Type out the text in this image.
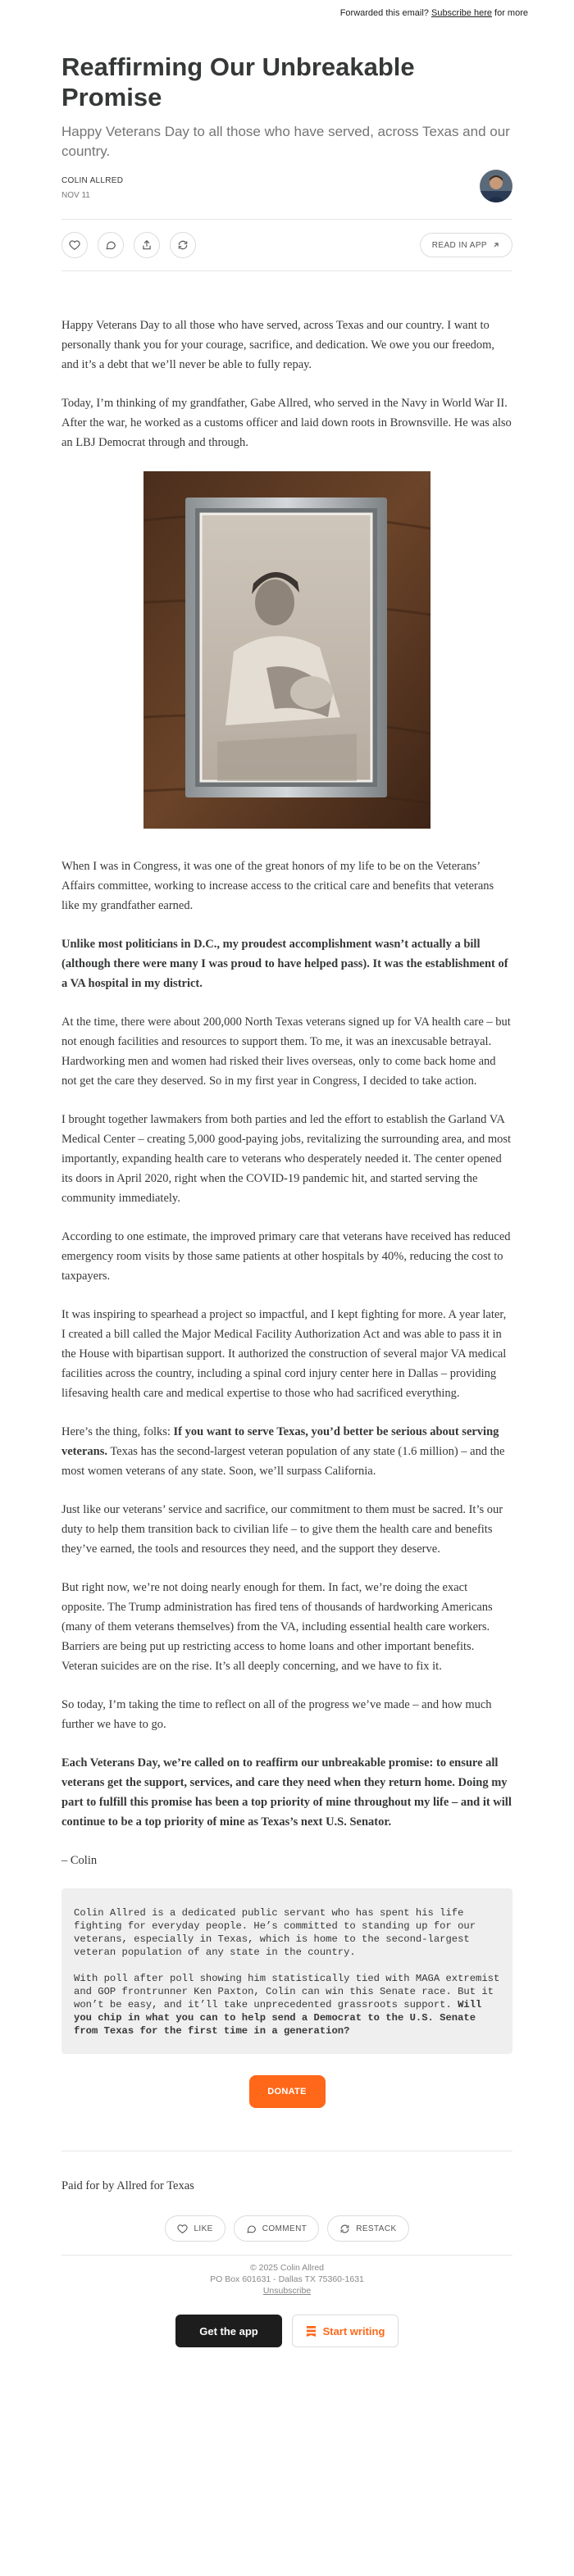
Forwarded this email? Subscribe here for more
Reaffirming Our Unbreakable Promise
Happy Veterans Day to all those who have served, across Texas and our country.
COLIN ALLRED
NOV 11
READ IN APP

Happy Veterans Day to all those who have served, across Texas and our country. I want to personally thank you for your courage, sacrifice, and dedication. We owe you our freedom, and it’s a debt that we’ll never be able to fully repay.

Today, I’m thinking of my grandfather, Gabe Allred, who served in the Navy in World War II. After the war, he worked as a customs officer and laid down roots in Brownsville. He was also an LBJ Democrat through and through.

When I was in Congress, it was one of the great honors of my life to be on the Veterans’ Affairs committee, working to increase access to the critical care and benefits that veterans like my grandfather earned.

Unlike most politicians in D.C., my proudest accomplishment wasn’t actually a bill (although there were many I was proud to have helped pass). It was the establishment of a VA hospital in my district.

At the time, there were about 200,000 North Texas veterans signed up for VA health care – but not enough facilities and resources to support them. To me, it was an inexcusable betrayal. Hardworking men and women had risked their lives overseas, only to come back home and not get the care they deserved. So in my first year in Congress, I decided to take action.

I brought together lawmakers from both parties and led the effort to establish the Garland VA Medical Center – creating 5,000 good-paying jobs, revitalizing the surrounding area, and most importantly, expanding health care to veterans who desperately needed it. The center opened its doors in April 2020, right when the COVID-19 pandemic hit, and started serving the community immediately.

According to one estimate, the improved primary care that veterans have received has reduced emergency room visits by those same patients at other hospitals by 40%, reducing the cost to taxpayers.

It was inspiring to spearhead a project so impactful, and I kept fighting for more. A year later, I created a bill called the Major Medical Facility Authorization Act and was able to pass it in the House with bipartisan support. It authorized the construction of several major VA medical facilities across the country, including a spinal cord injury center here in Dallas – providing lifesaving health care and medical expertise to those who had sacrificed everything.

Here’s the thing, folks: If you want to serve Texas, you’d better be serious about serving veterans. Texas has the second-largest veteran population of any state (1.6 million) – and the most women veterans of any state. Soon, we’ll surpass California.

Just like our veterans’ service and sacrifice, our commitment to them must be sacred. It’s our duty to help them transition back to civilian life – to give them the health care and benefits they’ve earned, the tools and resources they need, and the support they deserve.

But right now, we’re not doing nearly enough for them. In fact, we’re doing the exact opposite. The Trump administration has fired tens of thousands of hardworking Americans (many of them veterans themselves) from the VA, including essential health care workers. Barriers are being put up restricting access to home loans and other important benefits. Veteran suicides are on the rise. It’s all deeply concerning, and we have to fix it.

So today, I’m taking the time to reflect on all of the progress we’ve made – and how much further we have to go.

Each Veterans Day, we’re called on to reaffirm our unbreakable promise: to ensure all veterans get the support, services, and care they need when they return home. Doing my part to fulfill this promise has been a top priority of mine throughout my life – and it will continue to be a top priority of mine as Texas’s next U.S. Senator.

– Colin

Colin Allred is a dedicated public servant who has spent his life fighting for everyday people. He’s committed to standing up for our veterans, especially in Texas, which is home to the second-largest veteran population of any state in the country.

With poll after poll showing him statistically tied with MAGA extremist and GOP frontrunner Ken Paxton, Colin can win this Senate race. But it won’t be easy, and it’ll take unprecedented grassroots support. Will you chip in what you can to help send a Democrat to the U.S. Senate from Texas for the first time in a generation?

DONATE
Paid for by Allred for Texas
LIKE	COMMENT	RESTACK
© 2025 Colin Allred
PO Box 601631 - Dallas TX 75360-1631
Unsubscribe
Get the app	Start writing
